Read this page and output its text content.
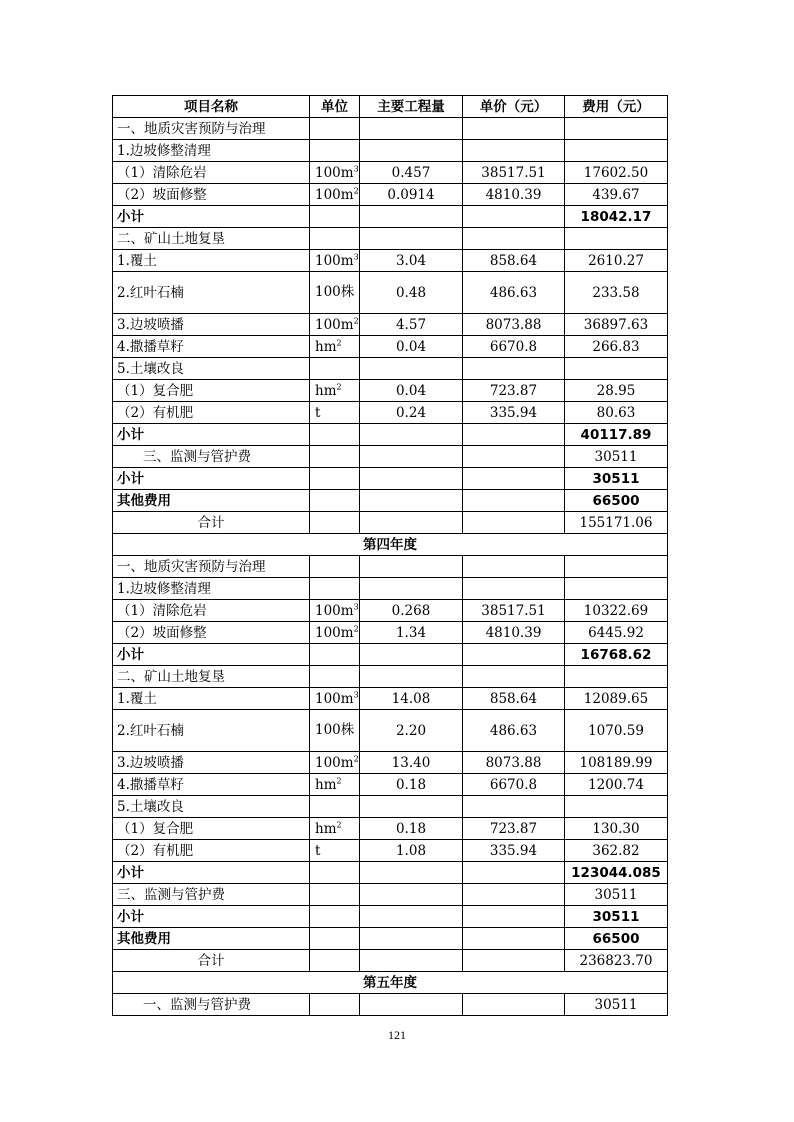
项目名称	单位	主要工程量	单价（元）	费用（元）
一、地质灾害预防与治理				
1.边坡修整清理				
（1）清除危岩	$100m^3$	0.457	38517.51	17602.50
（2）坡面修整	$100m^2$	0.0914	4810.39	439.67
小计				18042.17
二、矿山土地复垦				
1.覆土	$100m^3$	3.04	858.64	2610.27
2.红叶石楠	100株	0.48	486.63	233.58
3.边坡喷播	$100m^2$	4.57	8073.88	36897.63
4.撒播草籽	$hm^2$	0.04	6670.8	266.83
5.土壤改良				
（1）复合肥	$hm^2$	0.04	723.87	28.95
（2）有机肥	t	0.24	335.94	80.63
小计				40117.89
三、监测与管护费				30511
小计				30511
其他费用				66500
合计				155171.06
第四年度				
一、地质灾害预防与治理				
1.边坡修整清理				
（1）清除危岩	$100m^3$	0.268	38517.51	10322.69
（2）坡面修整	$100m^2$	1.34	4810.39	6445.92
小计				16768.62
二、矿山土地复垦				
1.覆土	$100m^3$	14.08	858.64	12089.65
2.红叶石楠	100株	2.20	486.63	1070.59
3.边坡喷播	$100m^2$	13.40	8073.88	108189.99
4.撒播草籽	$hm^2$	0.18	6670.8	1200.74
5.土壤改良				
（1）复合肥	$hm^2$	0.18	723.87	130.30
（2）有机肥	t	1.08	335.94	362.82
小计				123044.085
三、监测与管护费				30511
小计				30511
其他费用				66500
合计				236823.70
第五年度				
一、监测与管护费				30511
121
